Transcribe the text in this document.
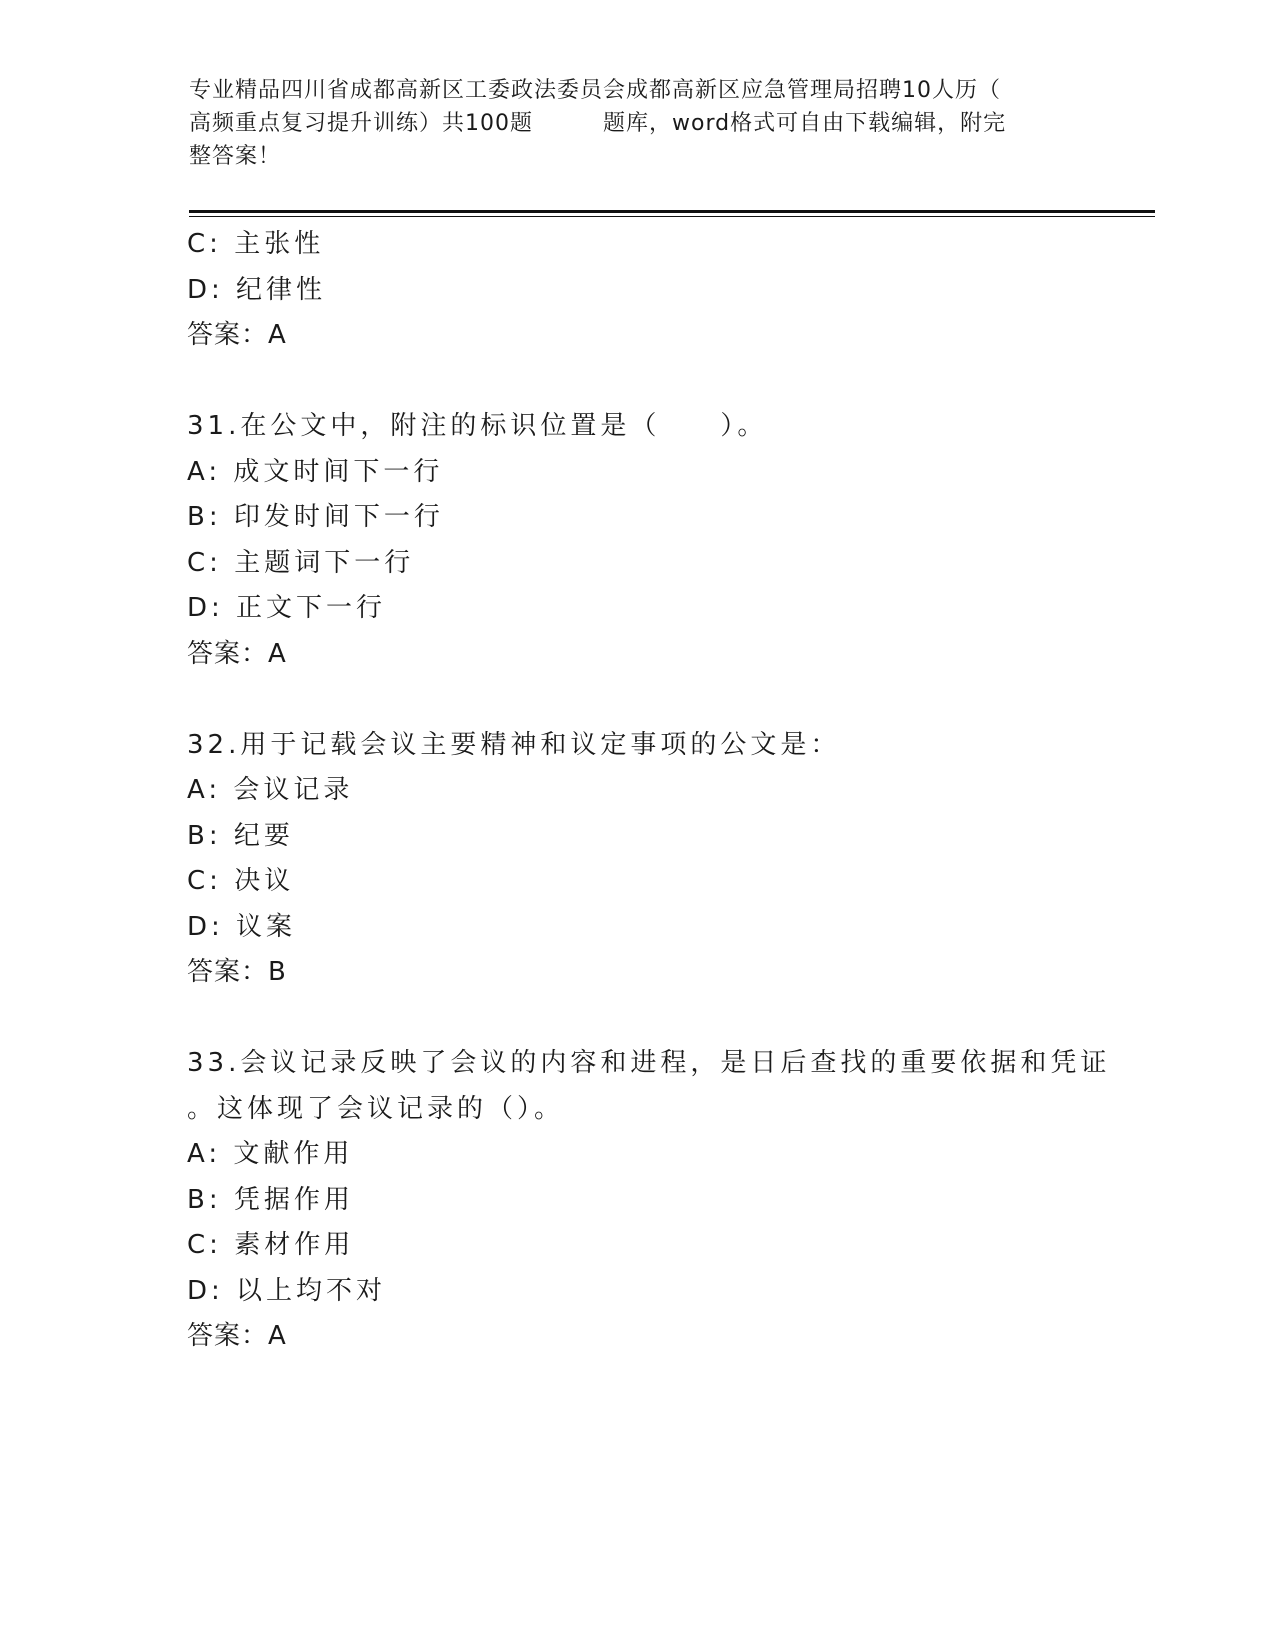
专业精品四川省成都高新区工委政法委员会成都高新区应急管理局招聘10人历（
高频重点复习提升训练）共100题	题库，word格式可自由下载编辑，附完
整答案！
C: 主张性
D: 纪律性
答案：A
31.在公文中，附注的标识位置是（　　）。
A: 成文时间下一行
B: 印发时间下一行
C: 主题词下一行
D: 正文下一行
答案：A
32.用于记载会议主要精神和议定事项的公文是：
A: 会议记录
B: 纪要
C: 决议
D: 议案
答案：B
33.会议记录反映了会议的内容和进程，是日后查找的重要依据和凭证
。这体现了会议记录的（）。
A: 文献作用
B: 凭据作用
C: 素材作用
D: 以上均不对
答案：A
